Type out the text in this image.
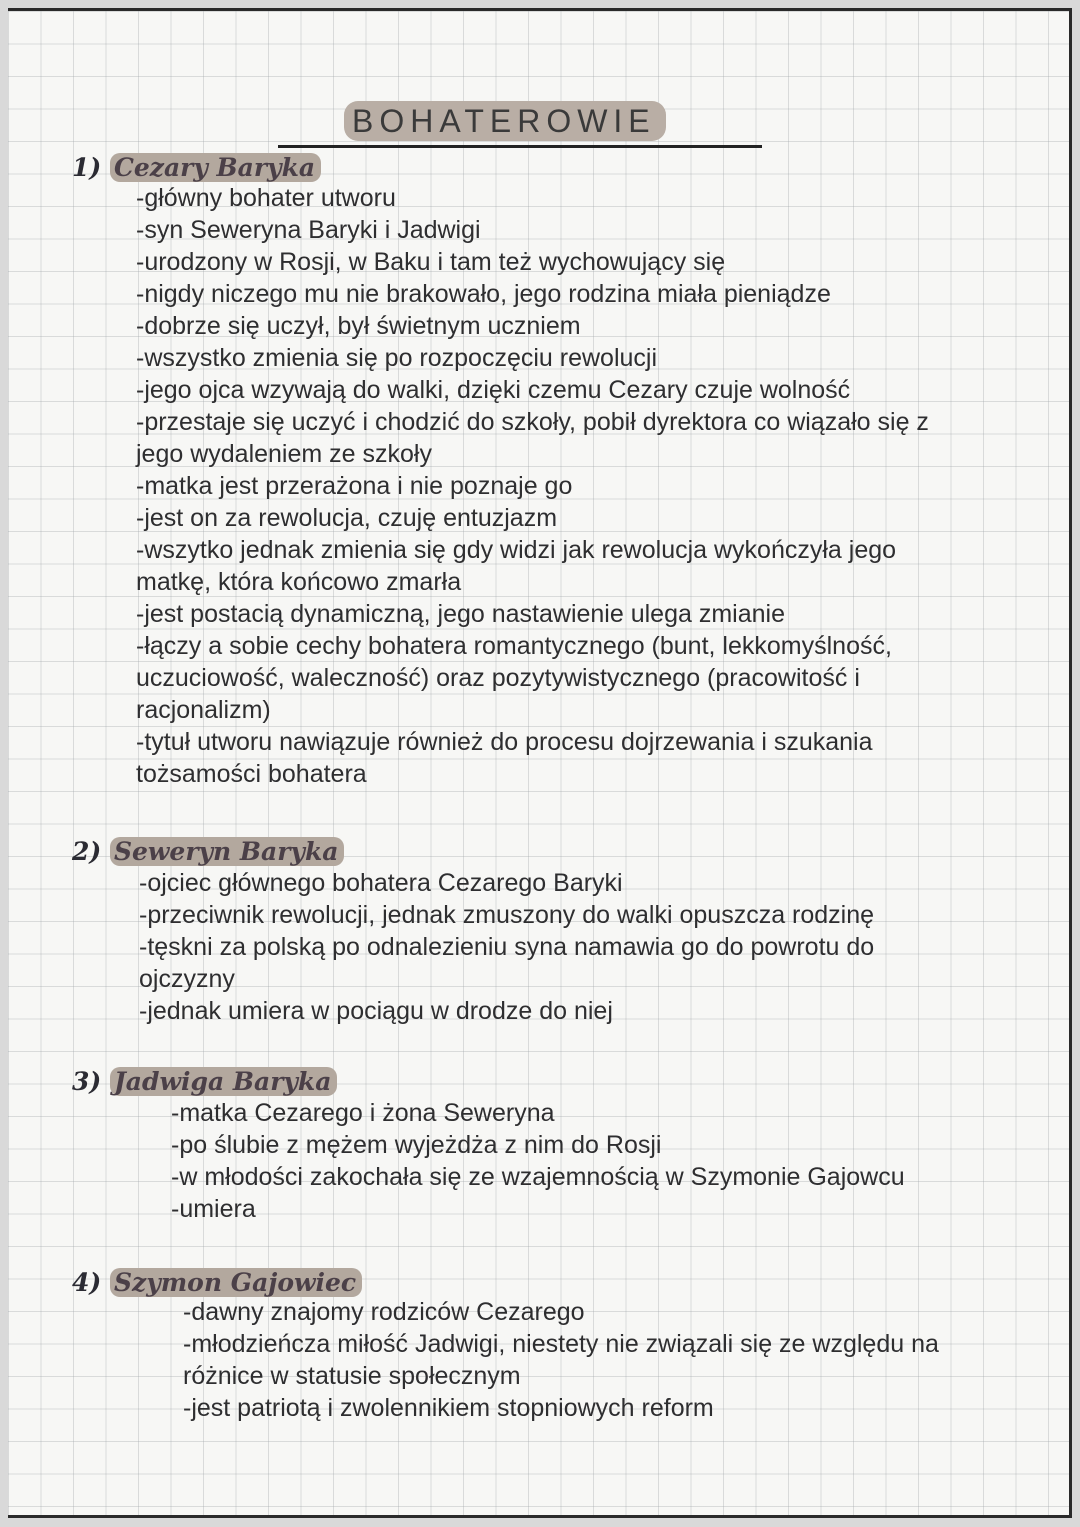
BOHATEROWIE
1) Cezary Baryka
-główny bohater utworu
-syn Seweryna Baryki i Jadwigi
-urodzony w Rosji, w Baku i tam też wychowujący się
-nigdy niczego mu nie brakowało, jego rodzina miała pieniądze
-dobrze się uczył, był świetnym uczniem
-wszystko zmienia się po rozpoczęciu rewolucji
-jego ojca wzywają do walki, dzięki czemu Cezary czuje wolność
-przestaje się uczyć i chodzić do szkoły, pobił dyrektora co wiązało się z
jego wydaleniem ze szkoły
-matka jest przerażona i nie poznaje go
-jest on za rewolucja, czuję entuzjazm
-wszytko jednak zmienia się gdy widzi jak rewolucja wykończyła jego
matkę, która końcowo zmarła
-jest postacią dynamiczną, jego nastawienie ulega zmianie
-łączy a sobie cechy bohatera romantycznego (bunt, lekkomyślność,
uczuciowość, waleczność) oraz pozytywistycznego (pracowitość i
racjonalizm)
-tytuł utworu nawiązuje również do procesu dojrzewania i szukania
tożsamości bohatera
2) Seweryn Baryka
-ojciec głównego bohatera Cezarego Baryki
-przeciwnik rewolucji, jednak zmuszony do walki opuszcza rodzinę
-tęskni za polską po odnalezieniu syna namawia go do powrotu do
ojczyzny
-jednak umiera w pociągu w drodze do niej
3) Jadwiga Baryka
-matka Cezarego i żona Seweryna
-po ślubie z mężem wyjeżdża z nim do Rosji
-w młodości zakochała się ze wzajemnością w Szymonie Gajowcu
-umiera
4) Szymon Gajowiec
-dawny znajomy rodziców Cezarego
-młodzieńcza miłość Jadwigi, niestety nie związali się ze względu na
różnice w statusie społecznym
-jest patriotą i zwolennikiem stopniowych reform
